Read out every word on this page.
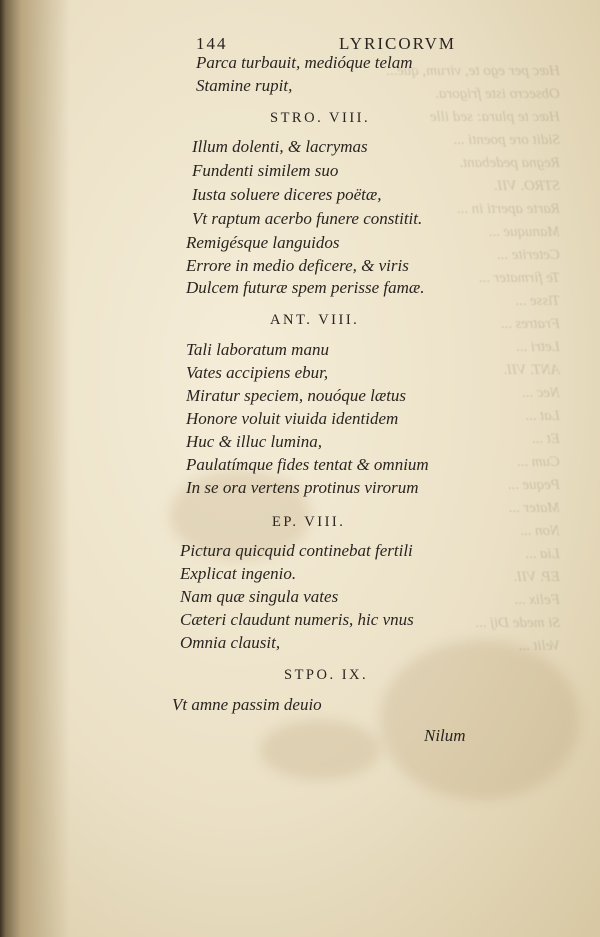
Hæc per ego te, virum, que...
Obsecro iste frigora.
Hæc te plura: sed ille
Sidit ore poenti ...
Regna pedebant.
STRO. VII.
Rarte aperti in ...
Manuque ...
Ceterite ...
Te firmater ...
Tisse ...
Fratres ...
Letri ...
ANT. VII.
Nec ...
Lat ...
Et ...
Cum ...
Peque ...
Mater ...
Non ...
Lia ...
EP. VII.
Felix ...
Si mede Dij ...
Velit ...
144	LYRICORVM
Parca turbauit, medióque telam
Stamine rupit,
STRO. VIII.
Illum dolenti, & lacrymas
Fundenti similem suo
Iusta soluere diceres poëtæ,
Vt raptum acerbo funere constitit.
Remigésque languidos
Errore in medio deficere, & viris
Dulcem futuræ spem perisse famæ.
ANT. VIII.
Tali laboratum manu
Vates accipiens ebur,
Miratur speciem, nouóque lætus
Honore voluit viuida identidem
Huc & illuc lumina,
Paulatímque fides tentat & omnium
In se ora vertens protinus virorum
EP. VIII.
Pictura quicquid continebat fertili
Explicat ingenio.
Nam quæ singula vates
Cæteri claudunt numeris, hic vnus
Omnia clausit,
STPO. IX.
Vt amne passim deuio
Nilum
